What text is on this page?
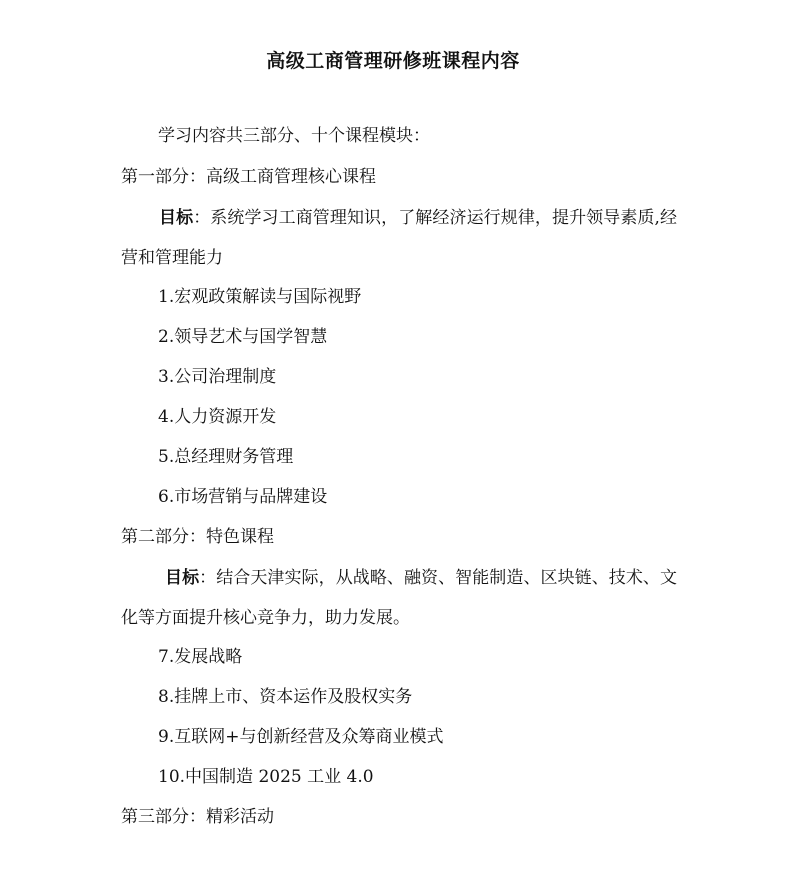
高级工商管理研修班课程内容
学习内容共三部分、十个课程模块：
第一部分：高级工商管理核心课程
目标：系统学习工商管理知识，了解经济运行规律，提升领导素质,经营和管理能力
1.宏观政策解读与国际视野
2.领导艺术与国学智慧
3.公司治理制度
4.人力资源开发
5.总经理财务管理
6.市场营销与品牌建设
第二部分：特色课程
目标：结合天津实际，从战略、融资、智能制造、区块链、技术、文化等方面提升核心竞争力，助力发展。
7.发展战略
8.挂牌上市、资本运作及股权实务
9.互联网+与创新经营及众筹商业模式
10.中国制造 2025 工业 4.0
第三部分：精彩活动
